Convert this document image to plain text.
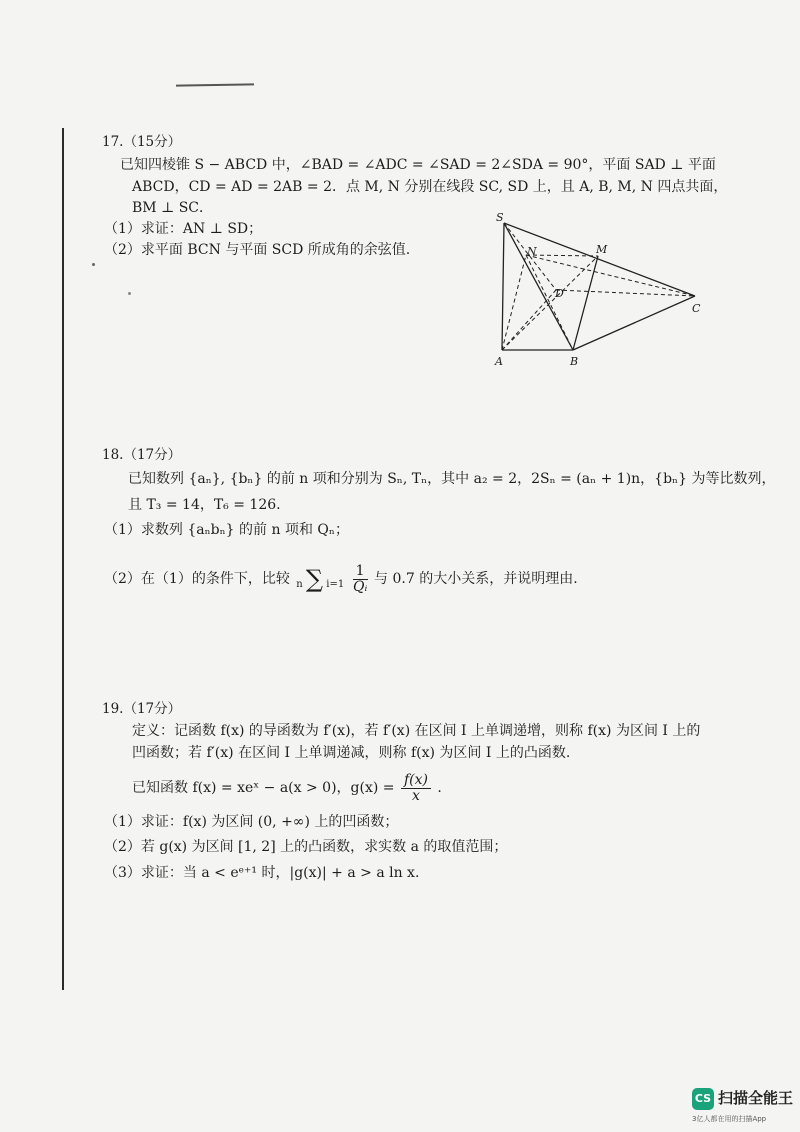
17.（15分）
已知四棱锥 S − ABCD 中，∠BAD = ∠ADC = ∠SAD = 2∠SDA = 90°，平面 SAD ⊥ 平面
ABCD，CD = AD = 2AB = 2．点 M, N 分别在线段 SC, SD 上，且 A, B, M, N 四点共面，
BM ⊥ SC．
（1）求证：AN ⊥ SD；
（2）求平面 BCN 与平面 SCD 所成角的余弦值.
S
N	M
D
C
A	B
18.（17分）
已知数列 {aₙ}, {bₙ} 的前 n 项和分别为 Sₙ, Tₙ，其中 a₂ = 2，2Sₙ = (aₙ + 1)n，{bₙ} 为等比数列，
且 T₃ = 14，T₆ = 126.
（1）求数列 {aₙbₙ} 的前 n 项和 Qₙ；
（2）在（1）的条件下，比较 n ∑ $i=1 \frac{1}{\text{Qᵢ}}$ 与 0.7 的大小关系，并说明理由.
19.（17分）
定义：记函数 f(x) 的导函数为 f′(x)，若 f′(x) 在区间 I 上单调递增，则称 f(x) 为区间 I 上的
凹函数；若 f′(x) 在区间 I 上单调递减，则称 f(x) 为区间 I 上的凸函数.
已知函数 f(x) = xeˣ − a(x > 0)，$g(x) = \frac{f(x)}{x}$ .
（1）求证：f(x) 为区间 (0, +∞) 上的凹函数；
（2）若 g(x) 为区间 [1, 2] 上的凸函数，求实数 a 的取值范围；
（3）求证：当 a < eᵉ⁺¹ 时，|g(x)| + a > a ln x.
CS 扫描全能王
3亿人都在用的扫描App
